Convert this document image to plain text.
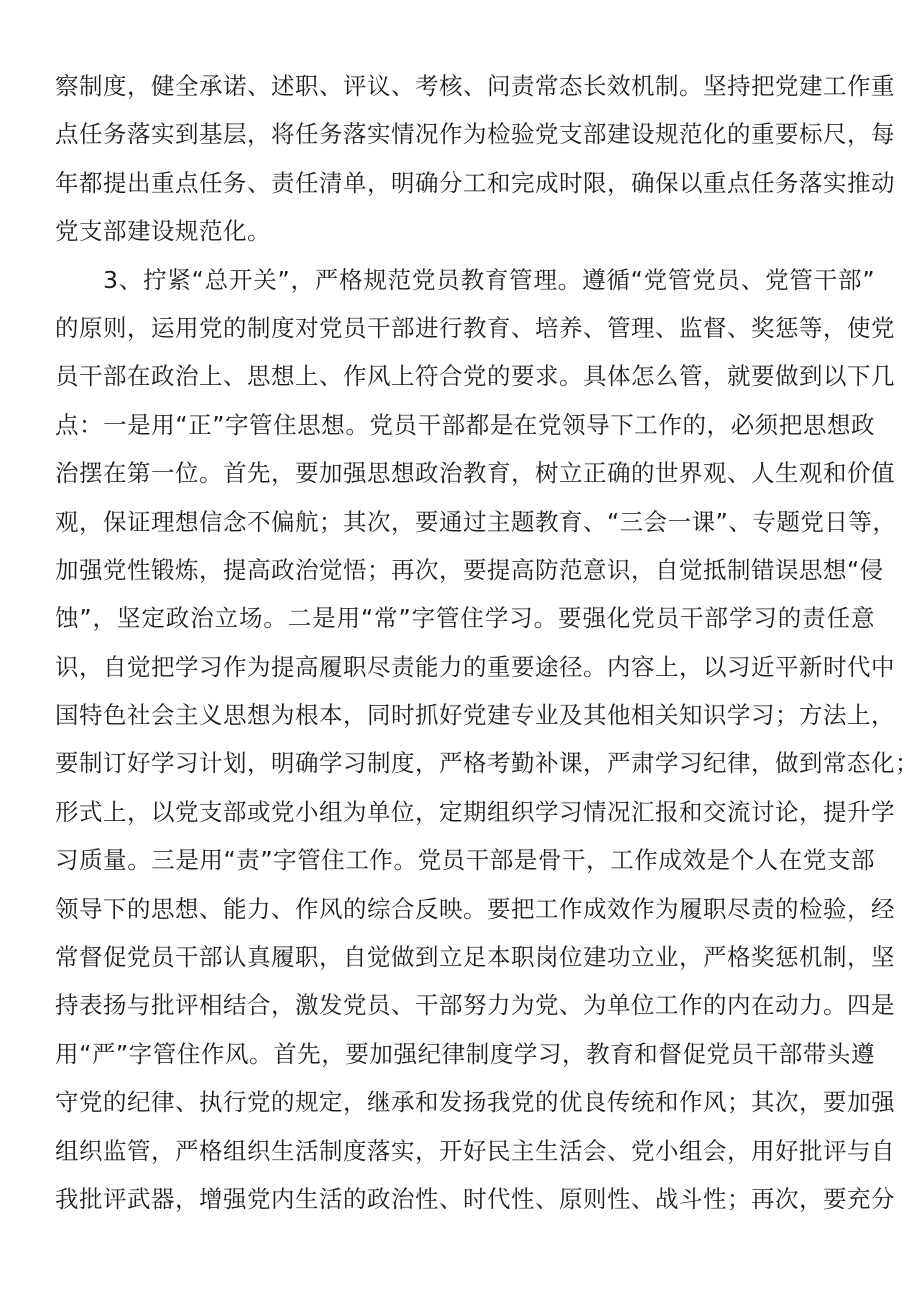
察制度，健全承诺、述职、评议、考核、问责常态长效机制。坚持把党建工作重
点任务落实到基层，将任务落实情况作为检验党支部建设规范化的重要标尺，每
年都提出重点任务、责任清单，明确分工和完成时限，确保以重点任务落实推动
党支部建设规范化。
3、拧紧“总开关”，严格规范党员教育管理。遵循“党管党员、党管干部”
的原则，运用党的制度对党员干部进行教育、培养、管理、监督、奖惩等，使党
员干部在政治上、思想上、作风上符合党的要求。具体怎么管，就要做到以下几
点：一是用“正”字管住思想。党员干部都是在党领导下工作的，必须把思想政
治摆在第一位。首先，要加强思想政治教育，树立正确的世界观、人生观和价值
观，保证理想信念不偏航；其次，要通过主题教育、“三会一课”、专题党日等，
加强党性锻炼，提高政治觉悟；再次，要提高防范意识，自觉抵制错误思想“侵
蚀”，坚定政治立场。二是用“常”字管住学习。要强化党员干部学习的责任意
识，自觉把学习作为提高履职尽责能力的重要途径。内容上，以习近平新时代中
国特色社会主义思想为根本，同时抓好党建专业及其他相关知识学习；方法上，
要制订好学习计划，明确学习制度，严格考勤补课，严肃学习纪律，做到常态化；
形式上，以党支部或党小组为单位，定期组织学习情况汇报和交流讨论，提升学
习质量。三是用“责”字管住工作。党员干部是骨干，工作成效是个人在党支部
领导下的思想、能力、作风的综合反映。要把工作成效作为履职尽责的检验，经
常督促党员干部认真履职，自觉做到立足本职岗位建功立业，严格奖惩机制，坚
持表扬与批评相结合，激发党员、干部努力为党、为单位工作的内在动力。四是
用“严”字管住作风。首先，要加强纪律制度学习，教育和督促党员干部带头遵
守党的纪律、执行党的规定，继承和发扬我党的优良传统和作风；其次，要加强
组织监管，严格组织生活制度落实，开好民主生活会、党小组会，用好批评与自
我批评武器，增强党内生活的政治性、时代性、原则性、战斗性；再次，要充分
